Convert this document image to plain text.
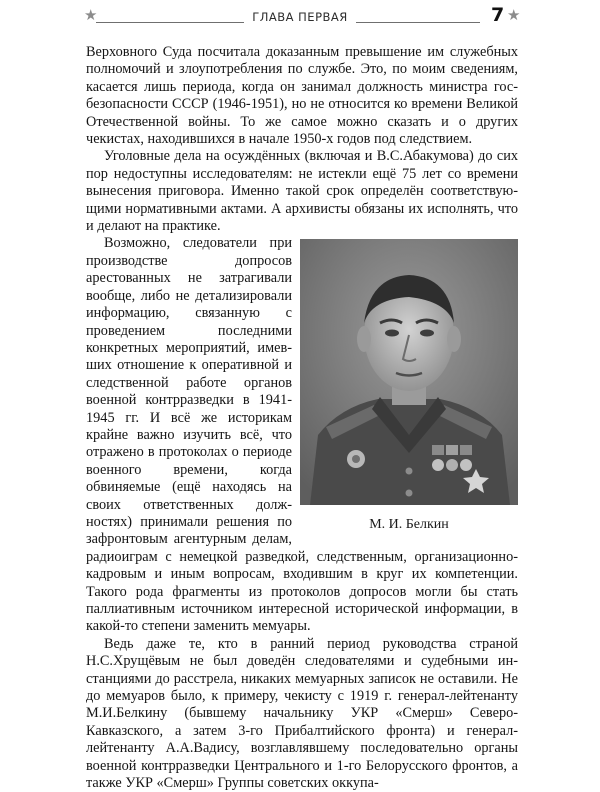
★	ГЛАВА ПЕРВАЯ	7 ★

Верховного Суда посчитала доказанным превышение им служебных полномочий и злоупотребления по службе. Это, по моим сведениям, касается лишь периода, когда он занимал должность министра госбезопасности СССР (1946-1951), но не относится ко времени Великой Отечественной войны. То же самое можно сказать и о других чекистах, находившихся в начале 1950-х годов под следствием.

Уголовные дела на осуждённых (включая и В.С.Абакумова) до сих пор недоступны исследователям: не истекли ещё 75 лет со времени вынесения приговора. Именно такой срок определён соответствующими нормативными актами. А архивисты обязаны их исполнять, что и делают на практике.

М. И. Белкин

Возможно, следователи при производстве допросов арестованных не затрагивали вообще, либо не детализировали информацию, связанную с проведением последними конкретных мероприятий, имевших отношение к оперативной и следственной работе органов военной контрразведки в 1941-1945 гг. И всё же историкам крайне важно изучить всё, что отражено в протоколах о периоде военного времени, когда обвиняемые (ещё находясь на своих ответственных должностях) принимали решения по зафронтовым агентурным делам, радиоиграм с немецкой разведкой, следственным, организационно-кадровым и иным вопросам, входившим в круг их компетенции. Такого рода фрагменты из протоколов допросов могли бы стать паллиативным источником интересной исторической информации, в какой-то степени заменить мемуары.

Ведь даже те, кто в ранний период руководства страной Н.С.Хрущёвым не был доведён следователями и судебными инстанциями до расстрела, никаких мемуарных записок не оставили. Не до мемуаров было, к примеру, чекисту с 1919 г. генерал-лейтенанту М.И.Белкину (бывшему начальнику УКР «Смерш» Северо-Кавказского, а затем 3-го Прибалтийского фронта) и генерал-лейтенанту А.А.Вадису, возглавлявшему последовательно органы военной контрразведки Центрального и 1-го Белорусского фронтов, а также УКР «Смерш» Группы советских оккупа-
